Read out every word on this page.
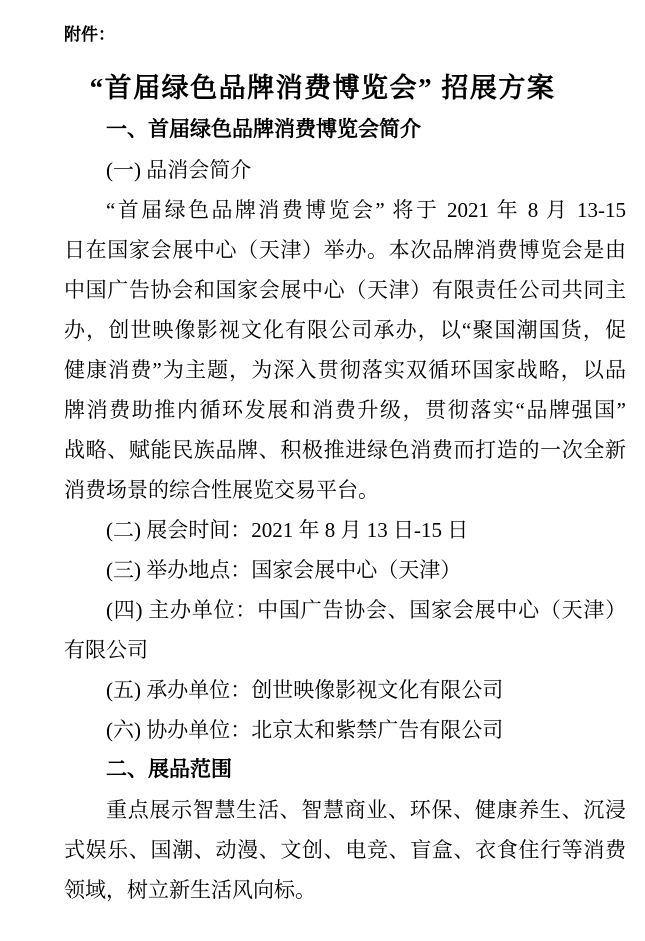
附件：
“首届绿色品牌消费博览会” 招展方案
一、首届绿色品牌消费博览会简介
(一) 品消会简介
“首届绿色品牌消费博览会” 将于 2021 年 8 月 13-15
日在国家会展中心（天津）举办。本次品牌消费博览会是由
中国广告协会和国家会展中心（天津）有限责任公司共同主
办，创世映像影视文化有限公司承办，以“聚国潮国货，促
健康消费”为主题，为深入贯彻落实双循环国家战略，以品
牌消费助推内循环发展和消费升级，贯彻落实“品牌强国”
战略、赋能民族品牌、积极推进绿色消费而打造的一次全新
消费场景的综合性展览交易平台。
(二) 展会时间：2021 年 8 月 13 日-15 日
(三) 举办地点：国家会展中心（天津）
(四) 主办单位：中国广告协会、国家会展中心（天津）
有限公司
(五) 承办单位：创世映像影视文化有限公司
(六) 协办单位：北京太和紫禁广告有限公司
二、展品范围
重点展示智慧生活、智慧商业、环保、健康养生、沉浸
式娱乐、国潮、动漫、文创、电竞、盲盒、衣食住行等消费
领域，树立新生活风向标。
